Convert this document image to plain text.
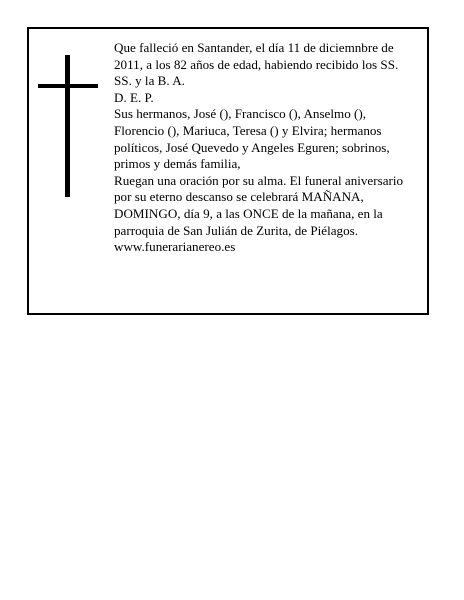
Que falleció en Santander, el día 11 de diciemnbre de
2011, a los 82 años de edad, habiendo recibido los SS.
SS. y la B. A.
D. E. P.
Sus hermanos, José (), Francisco (), Anselmo (),
Florencio (), Mariuca, Teresa () y Elvira; hermanos
políticos, José Quevedo y Angeles Eguren; sobrinos,
primos y demás familia,
Ruegan una oración por su alma. El funeral aniversario
por su eterno descanso se celebrará MAÑANA,
DOMINGO, día 9, a las ONCE de la mañana, en la
parroquia de San Julián de Zurita, de Piélagos.
www.funerarianereo.es
